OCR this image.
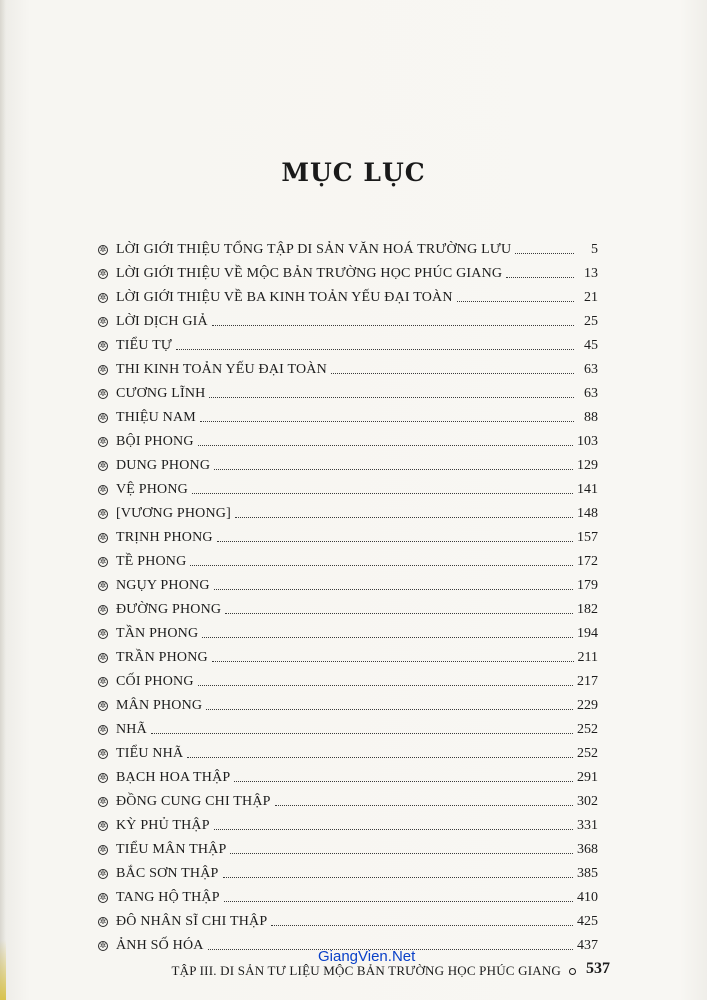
MỤC LỤC
✲ LỜI GIỚI THIỆU TỔNG TẬP DI SẢN VĂN HOÁ TRƯỜNG LƯU	5
✲ LỜI GIỚI THIỆU VỀ MỘC BẢN TRƯỜNG HỌC PHÚC GIANG	13
✲ LỜI GIỚI THIỆU VỀ BA KINH TOẢN YẾU ĐẠI TOÀN	21
✲ LỜI DỊCH GIẢ	25
✲ TIỂU TỰ	45
✲ THI KINH TOẢN YẾU ĐẠI TOÀN	63
✲ CƯƠNG LĨNH	63
✲ THIỆU NAM	88
✲ BỘI PHONG	103
✲ DUNG PHONG	129
✲ VỆ PHONG	141
✲ [VƯƠNG PHONG]	148
✲ TRỊNH PHONG	157
✲ TỀ PHONG	172
✲ NGỤY PHONG	179
✲ ĐƯỜNG PHONG	182
✲ TẦN PHONG	194
✲ TRẦN PHONG	211
✲ CỐI PHONG	217
✲ MÂN PHONG	229
✲ NHÃ	252
✲ TIỂU NHÃ	252
✲ BẠCH HOA THẬP	291
✲ ĐỒNG CUNG CHI THẬP	302
✲ KỲ PHỦ THẬP	331
✲ TIỂU MÂN THẬP	368
✲ BẮC SƠN THẬP	385
✲ TANG HỘ THẬP	410
✲ ĐÔ NHÂN SĨ CHI THẬP	425
✲ ẢNH SỐ HÓA	437
GiangVien.Net
TẬP III. DI SẢN TƯ LIỆU MỘC BẢN TRƯỜNG HỌC PHÚC GIANG	537
